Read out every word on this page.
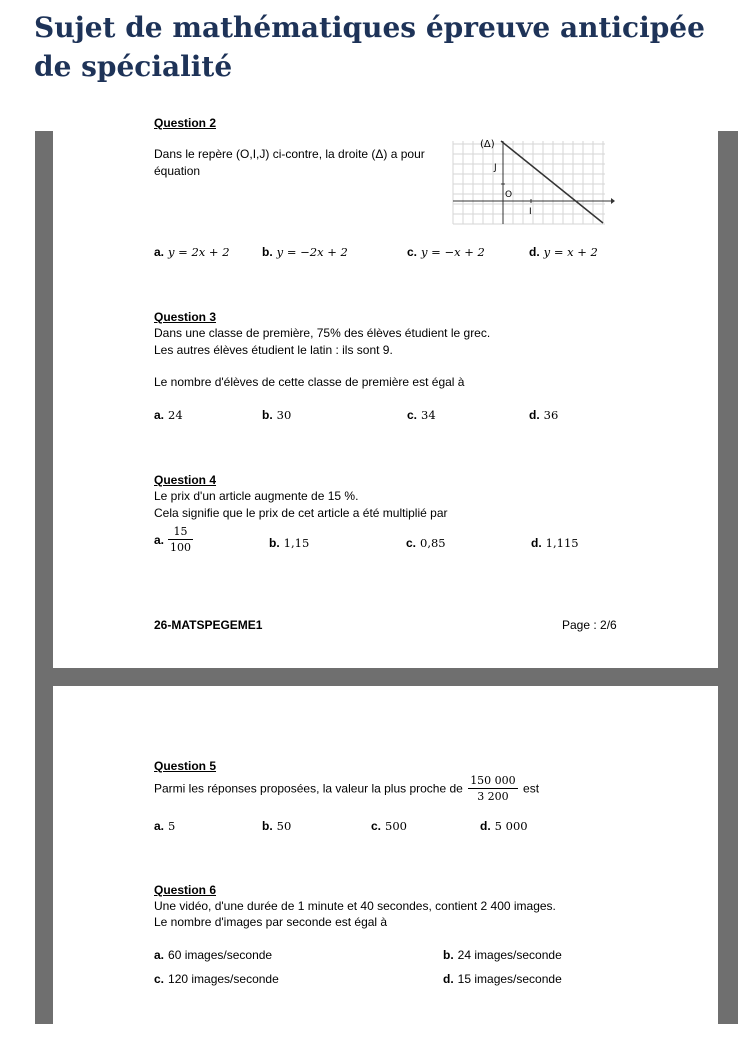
Sujet de mathématiques épreuve anticipée de spécialité
Question 2
Dans le repère (O,I,J) ci-contre, la droite (Δ) a pour
équation
(Δ)
J
O
I
a. y = 2x + 2	b. y = −2x + 2	c. y = −x + 2	d. y = x + 2
Question 3
Dans une classe de première, 75% des élèves étudient le grec.
Les autres élèves étudient le latin : ils sont 9.
Le nombre d'élèves de cette classe de première est égal à
a. 24	b. 30	c. 34	d. 36
Question 4
Le prix d'un article augmente de 15 %.
Cela signifie que le prix de cet article a été multiplié par
a. $\frac{15}{100}$	b. 1,15	c. 0,85	d. 1,115
26-MATSPEGEME1	Page : 2/6
Question 5
Parmi les réponses proposées, la valeur la plus proche de $\frac{150 000}{3 200}$ est
a. 5	b. 50	c. 500	d. 5 000
Question 6
Une vidéo, d'une durée de 1 minute et 40 secondes, contient 2 400 images.
Le nombre d'images par seconde est égal à
a. 60 images/seconde	b. 24 images/seconde
c. 120 images/seconde	d. 15 images/seconde
